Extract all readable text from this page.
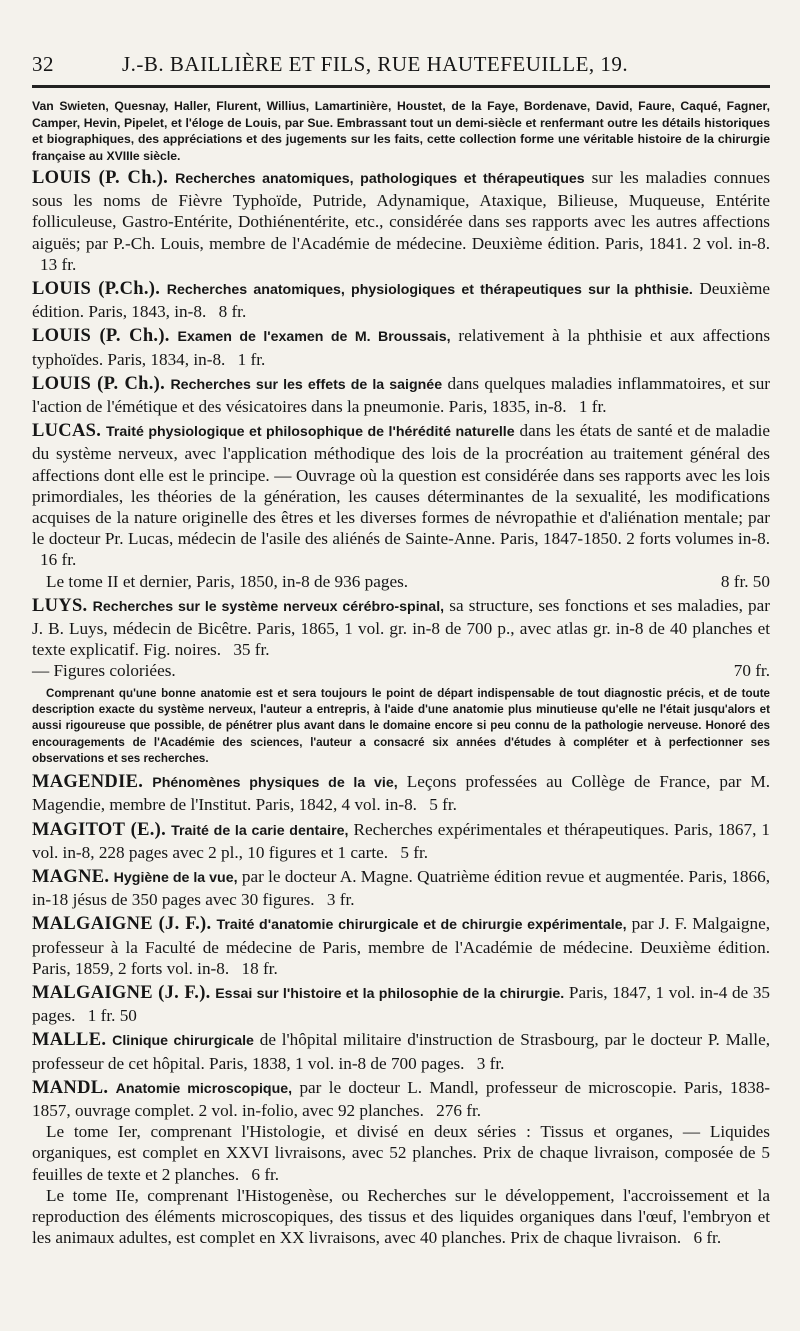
32	J.-B. BAILLIÈRE ET FILS, RUE HAUTEFEUILLE, 19.

Van Swieten, Quesnay, Haller, Flurent, Willius, Lamartinière, Houstet, de la Faye, Bordenave, David, Faure, Caqué, Fagner, Camper, Hevin, Pipelet, et l'éloge de Louis, par Sue. Embrassant tout un demi-siècle et renfermant outre les détails historiques et biographiques, des appréciations et des jugements sur les faits, cette collection forme une véritable histoire de la chirurgie française au XVIIIe siècle.

LOUIS (P. Ch.). Recherches anatomiques, pathologiques et thérapeutiques sur les maladies connues sous les noms de Fièvre Typhoïde, Putride, Adynamique, Ataxique, Bilieuse, Muqueuse, Entérite folliculeuse, Gastro-Entérite, Dothiénentérite, etc., considérée dans ses rapports avec les autres affections aiguës; par P.-Ch. Louis, membre de l'Académie de médecine. Deuxième édition. Paris, 1841. 2 vol. in-8. 13 fr.
LOUIS (P.Ch.). Recherches anatomiques, physiologiques et thérapeutiques sur la phthisie. Deuxième édition. Paris, 1843, in-8. 8 fr.
LOUIS (P. Ch.). Examen de l'examen de M. Broussais, relativement à la phthisie et aux affections typhoïdes. Paris, 1834, in-8. 1 fr.
LOUIS (P. Ch.). Recherches sur les effets de la saignée dans quelques maladies inflammatoires, et sur l'action de l'émétique et des vésicatoires dans la pneumonie. Paris, 1835, in-8. 1 fr.
LUCAS. Traité physiologique et philosophique de l'hérédité naturelle dans les états de santé et de maladie du système nerveux, avec l'application méthodique des lois de la procréation au traitement général des affections dont elle est le principe. — Ouvrage où la question est considérée dans ses rapports avec les lois primordiales, les théories de la génération, les causes déterminantes de la sexualité, les modifications acquises de la nature originelle des êtres et les diverses formes de névropathie et d'aliénation mentale; par le docteur Pr. Lucas, médecin de l'asile des aliénés de Sainte-Anne. Paris, 1847-1850. 2 forts volumes in-8. 16 fr.
Le tome II et dernier, Paris, 1850, in-8 de 936 pages.	8 fr. 50
LUYS. Recherches sur le système nerveux cérébro-spinal, sa structure, ses fonctions et ses maladies, par J. B. Luys, médecin de Bicêtre. Paris, 1865, 1 vol. gr. in-8 de 700 p., avec atlas gr. in-8 de 40 planches et texte explicatif. Fig. noires. 35 fr.
— Figures coloriées.	70 fr.

Comprenant qu'une bonne anatomie est et sera toujours le point de départ indispensable de tout diagnostic précis, et de toute description exacte du système nerveux, l'auteur a entrepris, à l'aide d'une anatomie plus minutieuse qu'elle ne l'était jusqu'alors et aussi rigoureuse que possible, de pénétrer plus avant dans le domaine encore si peu connu de la pathologie nerveuse. Honoré des encouragements de l'Académie des sciences, l'auteur a consacré six années d'études à compléter et à perfectionner ses observations et ses recherches.

MAGENDIE. Phénomènes physiques de la vie, Leçons professées au Collège de France, par M. Magendie, membre de l'Institut. Paris, 1842, 4 vol. in-8. 5 fr.
MAGITOT (E.). Traité de la carie dentaire, Recherches expérimentales et thérapeutiques. Paris, 1867, 1 vol. in-8, 228 pages avec 2 pl., 10 figures et 1 carte. 5 fr.
MAGNE. Hygiène de la vue, par le docteur A. Magne. Quatrième édition revue et augmentée. Paris, 1866, in-18 jésus de 350 pages avec 30 figures. 3 fr.
MALGAIGNE (J. F.). Traité d'anatomie chirurgicale et de chirurgie expérimentale, par J. F. Malgaigne, professeur à la Faculté de médecine de Paris, membre de l'Académie de médecine. Deuxième édition. Paris, 1859, 2 forts vol. in-8. 18 fr.
MALGAIGNE (J. F.). Essai sur l'histoire et la philosophie de la chirurgie. Paris, 1847, 1 vol. in-4 de 35 pages. 1 fr. 50
MALLE. Clinique chirurgicale de l'hôpital militaire d'instruction de Strasbourg, par le docteur P. Malle, professeur de cet hôpital. Paris, 1838, 1 vol. in-8 de 700 pages. 3 fr.
MANDL. Anatomie microscopique, par le docteur L. Mandl, professeur de microscopie. Paris, 1838-1857, ouvrage complet. 2 vol. in-folio, avec 92 planches. 276 fr.
Le tome Ier, comprenant l'Histologie, et divisé en deux séries : Tissus et organes, — Liquides organiques, est complet en XXVI livraisons, avec 52 planches. Prix de chaque livraison, composée de 5 feuilles de texte et 2 planches. 6 fr.
Le tome IIe, comprenant l'Histogenèse, ou Recherches sur le développement, l'accroissement et la reproduction des éléments microscopiques, des tissus et des liquides organiques dans l'œuf, l'embryon et les animaux adultes, est complet en XX livraisons, avec 40 planches. Prix de chaque livraison. 6 fr.
